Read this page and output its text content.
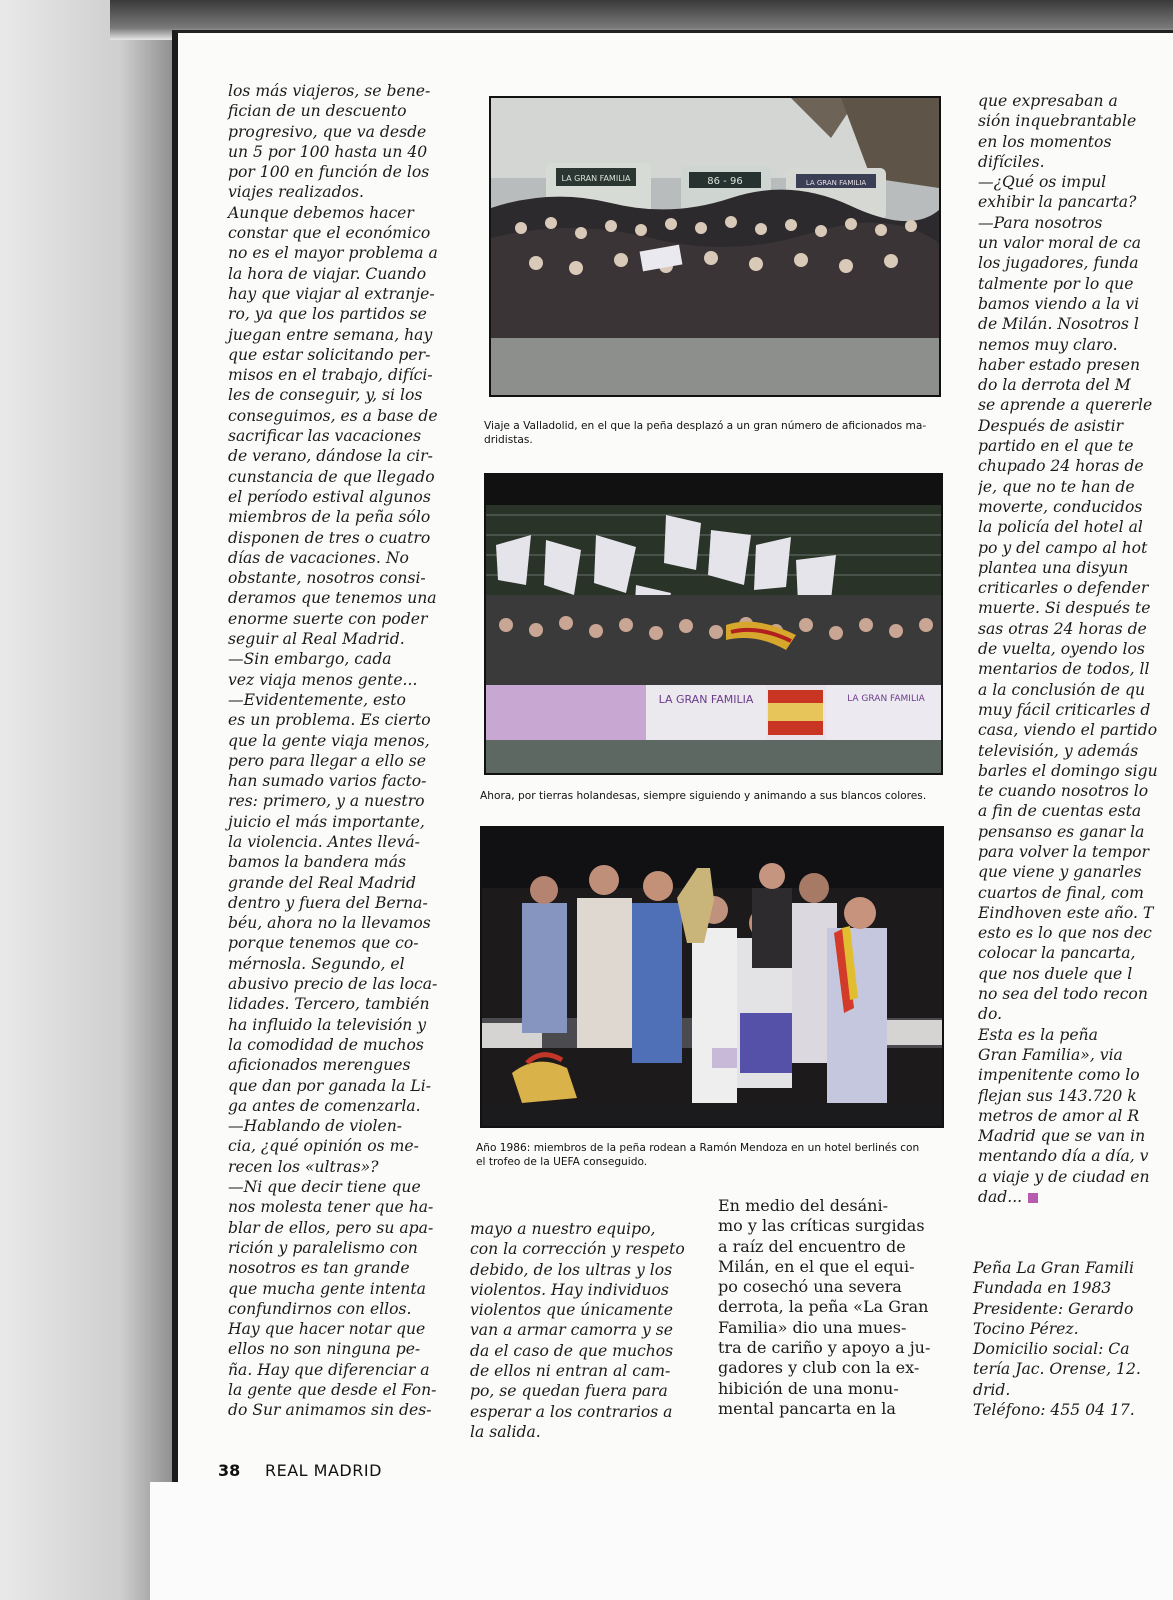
los más viajeros, se bene-
fician de un descuento
progresivo, que va desde
un 5 por 100 hasta un 40
por 100 en función de los
viajes realizados.
Aunque debemos hacer
constar que el económico
no es el mayor problema a
la hora de viajar. Cuando
hay que viajar al extranje-
ro, ya que los partidos se
juegan entre semana, hay
que estar solicitando per-
misos en el trabajo, difíci-
les de conseguir, y, si los
conseguimos, es a base de
sacrificar las vacaciones
de verano, dándose la cir-
cunstancia de que llegado
el período estival algunos
miembros de la peña sólo
disponen de tres o cuatro
días de vacaciones. No
obstante, nosotros consi-
deramos que tenemos una
enorme suerte con poder
seguir al Real Madrid.
—Sin embargo, cada
vez viaja menos gente...
—Evidentemente, esto
es un problema. Es cierto
que la gente viaja menos,
pero para llegar a ello se
han sumado varios facto-
res: primero, y a nuestro
juicio el más importante,
la violencia. Antes llevá-
bamos la bandera más
grande del Real Madrid
dentro y fuera del Berna-
béu, ahora no la llevamos
porque tenemos que co-
mérnosla. Segundo, el
abusivo precio de las loca-
lidades. Tercero, también
ha influido la televisión y
la comodidad de muchos
aficionados merengues
que dan por ganada la Li-
ga antes de comenzarla.
—Hablando de violen-
cia, ¿qué opinión os me-
recen los «ultras»?
—Ni que decir tiene que
nos molesta tener que ha-
blar de ellos, pero su apa-
rición y paralelismo con
nosotros es tan grande
que mucha gente intenta
confundirnos con ellos.
Hay que hacer notar que
ellos no son ninguna pe-
ña. Hay que diferenciar a
la gente que desde el Fon-
do Sur animamos sin des-
mayo a nuestro equipo,
con la corrección y respeto
debido, de los ultras y los
violentos. Hay individuos
violentos que únicamente
van a armar camorra y se
da el caso de que muchos
de ellos ni entran al cam-
po, se quedan fuera para
esperar a los contrarios a
la salida.
En medio del desáni-
mo y las críticas surgidas
a raíz del encuentro de
Milán, en el que el equi-
po cosechó una severa
derrota, la peña «La Gran
Familia» dio una mues-
tra de cariño y apoyo a ju-
gadores y club con la ex-
hibición de una monu-
mental pancarta en la
que expresaban a
sión inquebrantable
en los momentos
difíciles.
—¿Qué os impul
exhibir la pancarta?
—Para nosotros
un valor moral de ca
los jugadores, funda
talmente por lo que
bamos viendo a la vi
de Milán. Nosotros l
nemos muy claro.
haber estado presen
do la derrota del M
se aprende a quererle
Después de asistir
partido en el que te
chupado 24 horas de
je, que no te han de
moverte, conducidos
la policía del hotel al
po y del campo al hot
plantea una disyun
criticarles o defender
muerte. Si después te
sas otras 24 horas de
de vuelta, oyendo los
mentarios de todos, ll
a la conclusión de qu
muy fácil criticarles d
casa, viendo el partido
televisión, y además
barles el domingo sigu
te cuando nosotros lo
a fin de cuentas esta
pensanso es ganar la
para volver la tempor
que viene y ganarles
cuartos de final, com
Eindhoven este año. T
esto es lo que nos dec
colocar la pancarta,
que nos duele que l
no sea del todo recon
do.
Esta es la peña
Gran Familia», via
impenitente como lo
flejan sus 143.720 k
metros de amor al R
Madrid que se van in
mentando día a día, v
a viaje y de ciudad en
dad...
Peña La Gran Famili
Fundada en 1983
Presidente: Gerardo
Tocino Pérez.
Domicilio social: Ca
tería Jac. Orense, 12.
drid.
Teléfono: 455 04 17.
LA GRAN FAMILIA	86 - 96	LA GRAN FAMILIA
Viaje a Valladolid, en el que la peña desplazó a un gran número de aficionados ma-
dridistas.
LA GRAN FAMILIA	LA GRAN FAMILIA
Ahora, por tierras holandesas, siempre siguiendo y animando a sus blancos colores.
Año 1986: miembros de la peña rodean a Ramón Mendoza en un hotel berlinés con
el trofeo de la UEFA conseguido.
38 REAL MADRID
